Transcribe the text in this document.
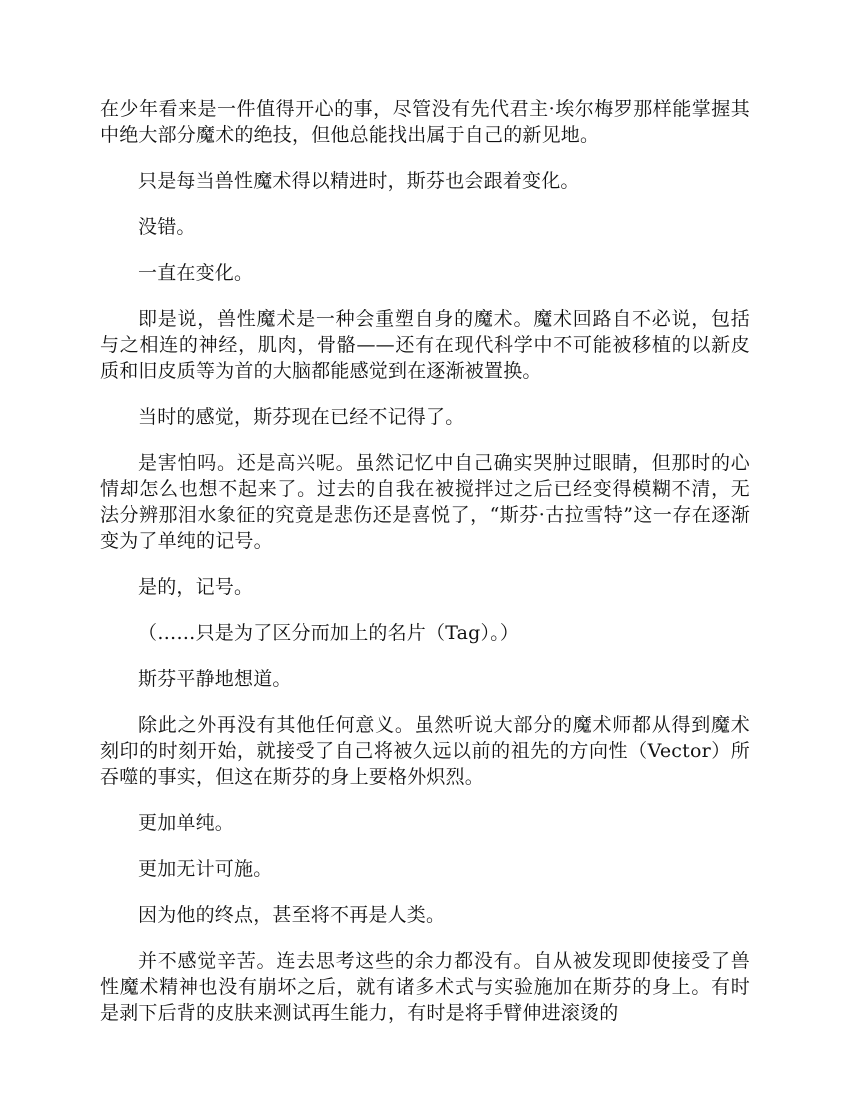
在少年看来是一件值得开心的事，尽管没有先代君主·埃尔梅罗那样能掌握其中绝大部分魔术的绝技，但他总能找出属于自己的新见地。

只是每当兽性魔术得以精进时，斯芬也会跟着变化。

没错。

一直在变化。

即是说，兽性魔术是一种会重塑自身的魔术。魔术回路自不必说，包括与之相连的神经，肌肉，骨骼——还有在现代科学中不可能被移植的以新皮质和旧皮质等为首的大脑都能感觉到在逐渐被置换。

当时的感觉，斯芬现在已经不记得了。

是害怕吗。还是高兴呢。虽然记忆中自己确实哭肿过眼睛，但那时的心情却怎么也想不起来了。过去的自我在被搅拌过之后已经变得模糊不清，无法分辨那泪水象征的究竟是悲伤还是喜悦了，“斯芬·古拉雪特”这一存在逐渐变为了单纯的记号。

是的，记号。

（……只是为了区分而加上的名片（Tag）。）

斯芬平静地想道。

除此之外再没有其他任何意义。虽然听说大部分的魔术师都从得到魔术刻印的时刻开始，就接受了自己将被久远以前的祖先的方向性（Vector）所吞噬的事实，但这在斯芬的身上要格外炽烈。

更加单纯。

更加无计可施。

因为他的终点，甚至将不再是人类。

并不感觉辛苦。连去思考这些的余力都没有。自从被发现即使接受了兽性魔术精神也没有崩坏之后，就有诸多术式与实验施加在斯芬的身上。有时是剥下后背的皮肤来测试再生能力，有时是将手臂伸进滚烫的
